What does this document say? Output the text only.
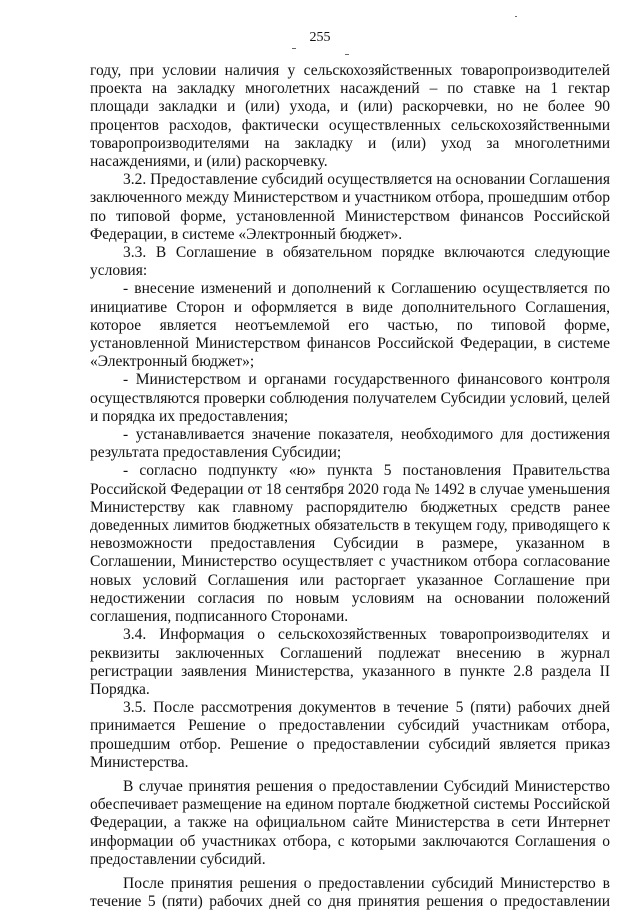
255

году, при условии наличия у сельскохозяйственных товаропроизводителей проекта на закладку многолетних насаждений – по ставке на 1 гектар площади закладки и (или) ухода, и (или) раскорчевки, но не более 90 процентов расходов, фактически осуществленных сельскохозяйственными товаропроизводителями на закладку и (или) уход за многолетними насаждениями, и (или) раскорчевку.

3.2. Предоставление субсидий осуществляется на основании Соглашения заключенного между Министерством и участником отбора, прошедшим отбор по типовой форме, установленной Министерством финансов Российской Федерации, в системе «Электронный бюджет».

3.3. В Соглашение в обязательном порядке включаются следующие условия:

- внесение изменений и дополнений к Соглашению осуществляется по инициативе Сторон и оформляется в виде дополнительного Соглашения, которое является неотъемлемой его частью, по типовой форме, установленной Министерством финансов Российской Федерации, в системе «Электронный бюджет»;

- Министерством и органами государственного финансового контроля осуществляются проверки соблюдения получателем Субсидии условий, целей и порядка их предоставления;

- устанавливается значение показателя, необходимого для достижения результата предоставления Субсидии;

- согласно подпункту «ю» пункта 5 постановления Правительства Российской Федерации от 18 сентября 2020 года № 1492 в случае уменьшения Министерству как главному распорядителю бюджетных средств ранее доведенных лимитов бюджетных обязательств в текущем году, приводящего к невозможности предоставления Субсидии в размере, указанном в Соглашении, Министерство осуществляет с участником отбора согласование новых условий Соглашения или расторгает указанное Соглашение при недостижении согласия по новым условиям на основании положений соглашения, подписанного Сторонами.

3.4. Информация о сельскохозяйственных товаропроизводителях и реквизиты заключенных Соглашений подлежат внесению в журнал регистрации заявления Министерства, указанного в пункте 2.8 раздела II Порядка.

3.5. После рассмотрения документов в течение 5 (пяти) рабочих дней принимается Решение о предоставлении субсидий участникам отбора, прошедшим отбор. Решение о предоставлении субсидий является приказ Министерства.

В случае принятия решения о предоставлении Субсидий Министерство обеспечивает размещение на едином портале бюджетной системы Российской Федерации, а также на официальном сайте Министерства в сети Интернет информации об участниках отбора, с которыми заключаются Соглашения о предоставлении субсидий.

После принятия решения о предоставлении субсидий Министерство в течение 5 (пяти) рабочих дней со дня принятия решения о предоставлении
